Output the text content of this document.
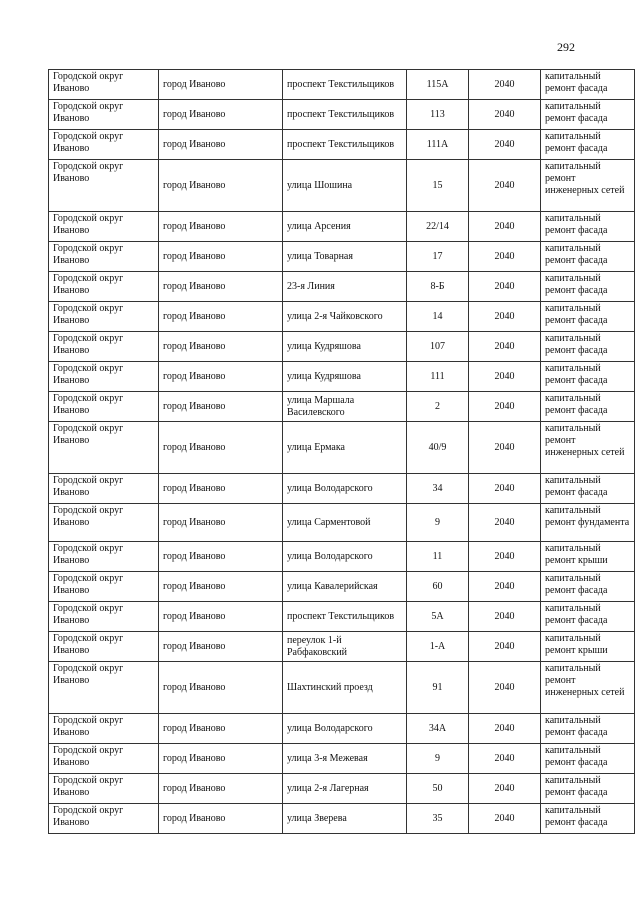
292
Городской округ Иваново	город Иваново	проспект Текстильщиков	115А	2040	капитальный ремонт фасада
Городской округ Иваново	город Иваново	проспект Текстильщиков	113	2040	капитальный ремонт фасада
Городской округ Иваново	город Иваново	проспект Текстильщиков	111А	2040	капитальный ремонт фасада
Городской округ Иваново	город Иваново	улица Шошина	15	2040	капитальный ремонт инженерных сетей
Городской округ Иваново	город Иваново	улица Арсения	22/14	2040	капитальный ремонт фасада
Городской округ Иваново	город Иваново	улица Товарная	17	2040	капитальный ремонт фасада
Городской округ Иваново	город Иваново	23-я Линия	8-Б	2040	капитальный ремонт фасада
Городской округ Иваново	город Иваново	улица 2-я Чайковского	14	2040	капитальный ремонт фасада
Городской округ Иваново	город Иваново	улица Кудряшова	107	2040	капитальный ремонт фасада
Городской округ Иваново	город Иваново	улица Кудряшова	111	2040	капитальный ремонт фасада
Городской округ Иваново	город Иваново	улица Маршала Василевского	2	2040	капитальный ремонт фасада
Городской округ Иваново	город Иваново	улица Ермака	40/9	2040	капитальный ремонт инженерных сетей
Городской округ Иваново	город Иваново	улица Володарского	34	2040	капитальный ремонт фасада
Городской округ Иваново	город Иваново	улица Сарментовой	9	2040	капитальный ремонт фундамента
Городской округ Иваново	город Иваново	улица Володарского	11	2040	капитальный ремонт крыши
Городской округ Иваново	город Иваново	улица Кавалерийская	60	2040	капитальный ремонт фасада
Городской округ Иваново	город Иваново	проспект Текстильщиков	5А	2040	капитальный ремонт фасада
Городской округ Иваново	город Иваново	переулок 1-й Рабфаковский	1-А	2040	капитальный ремонт крыши
Городской округ Иваново	город Иваново	Шахтинский проезд	91	2040	капитальный ремонт инженерных сетей
Городской округ Иваново	город Иваново	улица Володарского	34А	2040	капитальный ремонт фасада
Городской округ Иваново	город Иваново	улица 3-я Межевая	9	2040	капитальный ремонт фасада
Городской округ Иваново	город Иваново	улица 2-я Лагерная	50	2040	капитальный ремонт фасада
Городской округ Иваново	город Иваново	улица Зверева	35	2040	капитальный ремонт фасада
